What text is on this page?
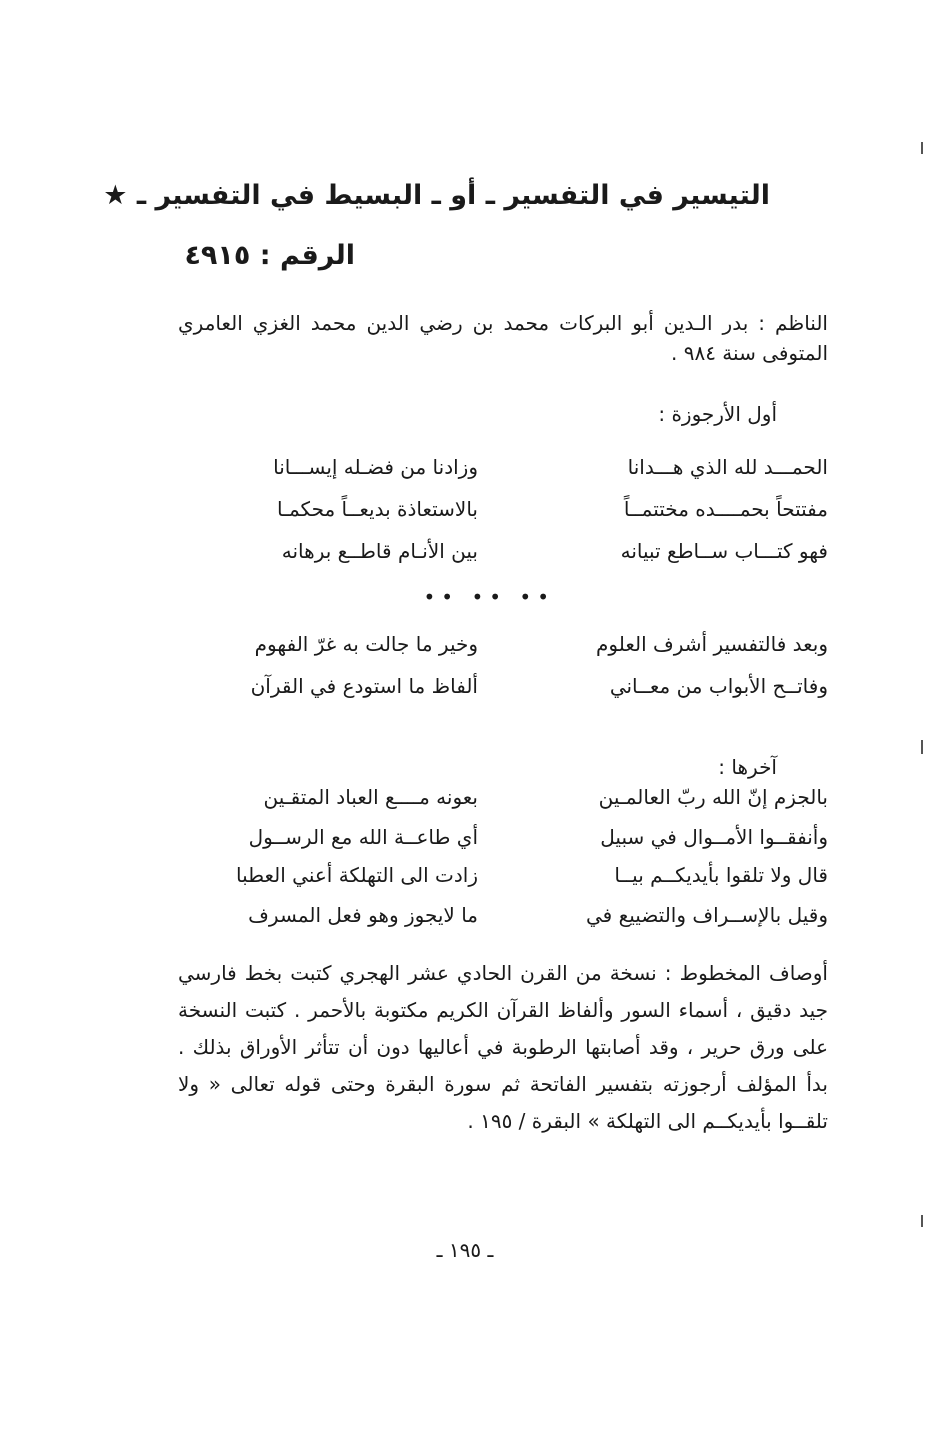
التيسير في التفسير ـ أو ـ البسيط في التفسير ـ ★
الرقم : ٤٩١٥
الناظم : بدر الـدين أبو البركات محمد بن رضي الدين محمد الغزي العامري المتوفى سنة ٩٨٤ .
أول الأرجوزة :
الحمـــد لله الذي هـــدانا
وزادنا من فضـله إيســـانا
مفتتحاً بحمــــده مختتمــاً
بالاستعاذة بديعــاً محكمـا
فهو كتـــاب ســاطع تبيانه
بين الأنـام قاطــع برهانه
•• •• ••
وبعد فالتفسير أشرف العلوم
وخير ما جالت به غرّ الفهوم
وفاتــح الأبواب من معــاني
ألفاظ ما استودع في القرآن
آخرها :
بالجزم إنّ الله ربّ العالمـين
بعونه مــــع العباد المتقـين
وأنفقــوا الأمــوال في سبيل
أي طاعــة الله مع الرســول
قال ولا تلقوا بأيديكــم بيــا
زادت الى التهلكة أعني العطبا
وقيل بالإســراف والتضييع في
ما لايجوز وهو فعل المسرف
أوصاف المخطوط : نسخة من القرن الحادي عشر الهجري كتبت بخط فارسي جيد دقيق ، أسماء السور وألفاظ القرآن الكريم مكتوبة بالأحمر . كتبت النسخة على ورق حرير ، وقد أصابتها الرطوبة في أعاليها دون أن تتأثر الأوراق بذلك . بدأ المؤلف أرجوزته بتفسير الفاتحة ثم سورة البقرة وحتى قوله تعالى « ولا تلقــوا بأيديكــم الى التهلكة » البقرة / ١٩٥ .
ـ ١٩٥ ـ
